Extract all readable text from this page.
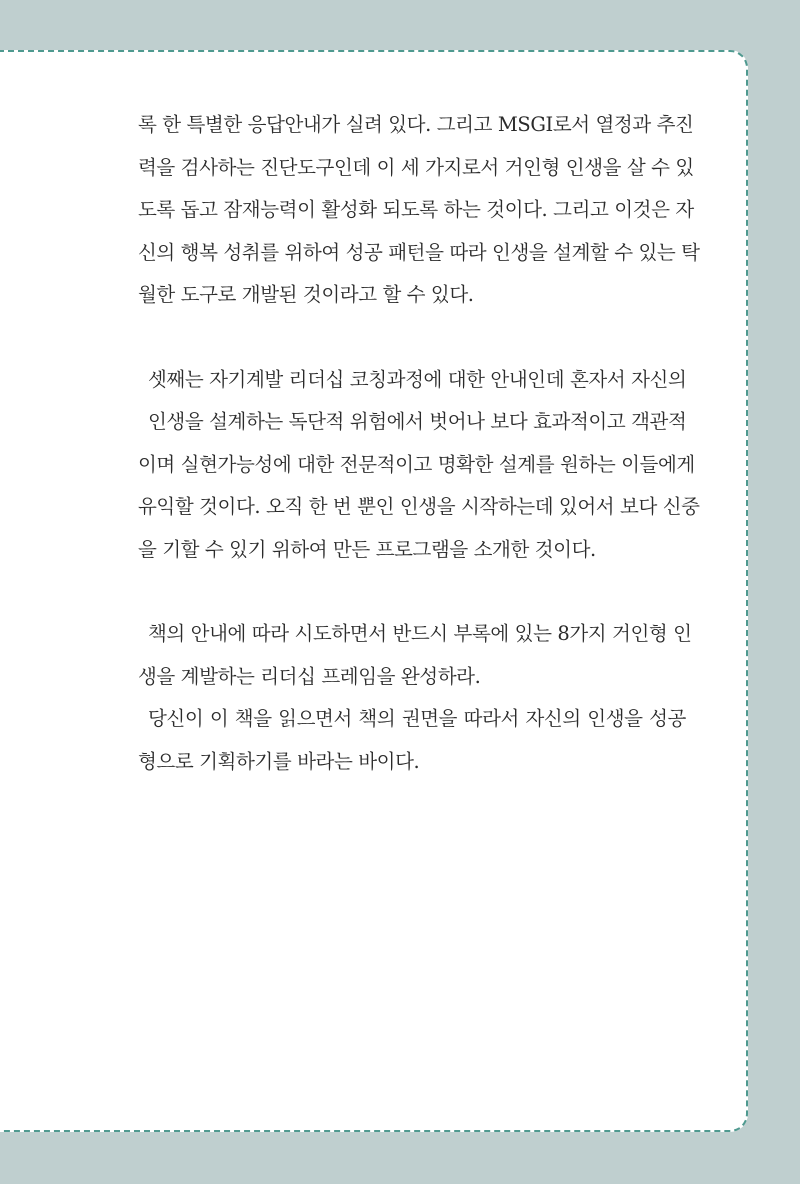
록 한 특별한 응답안내가 실려 있다. 그리고 MSGI로서 열정과 추진
력을 검사하는 진단도구인데 이 세 가지로서 거인형 인생을 살 수 있
도록 돕고 잠재능력이 활성화 되도록 하는 것이다. 그리고 이것은 자
신의 행복 성취를 위하여 성공 패턴을 따라 인생을 설계할 수 있는 탁
월한 도구로 개발된 것이라고 할 수 있다.
셋째는 자기계발 리더십 코칭과정에 대한 안내인데 혼자서 자신의
인생을 설계하는 독단적 위험에서 벗어나 보다 효과적이고 객관적
이며 실현가능성에 대한 전문적이고 명확한 설계를 원하는 이들에게
유익할 것이다. 오직 한 번 뿐인 인생을 시작하는데 있어서 보다 신중
을 기할 수 있기 위하여 만든 프로그램을 소개한 것이다.
책의 안내에 따라 시도하면서 반드시 부록에 있는 8가지 거인형 인
생을 계발하는 리더십 프레임을 완성하라.
당신이 이 책을 읽으면서 책의 권면을 따라서 자신의 인생을 성공
형으로 기획하기를 바라는 바이다.
